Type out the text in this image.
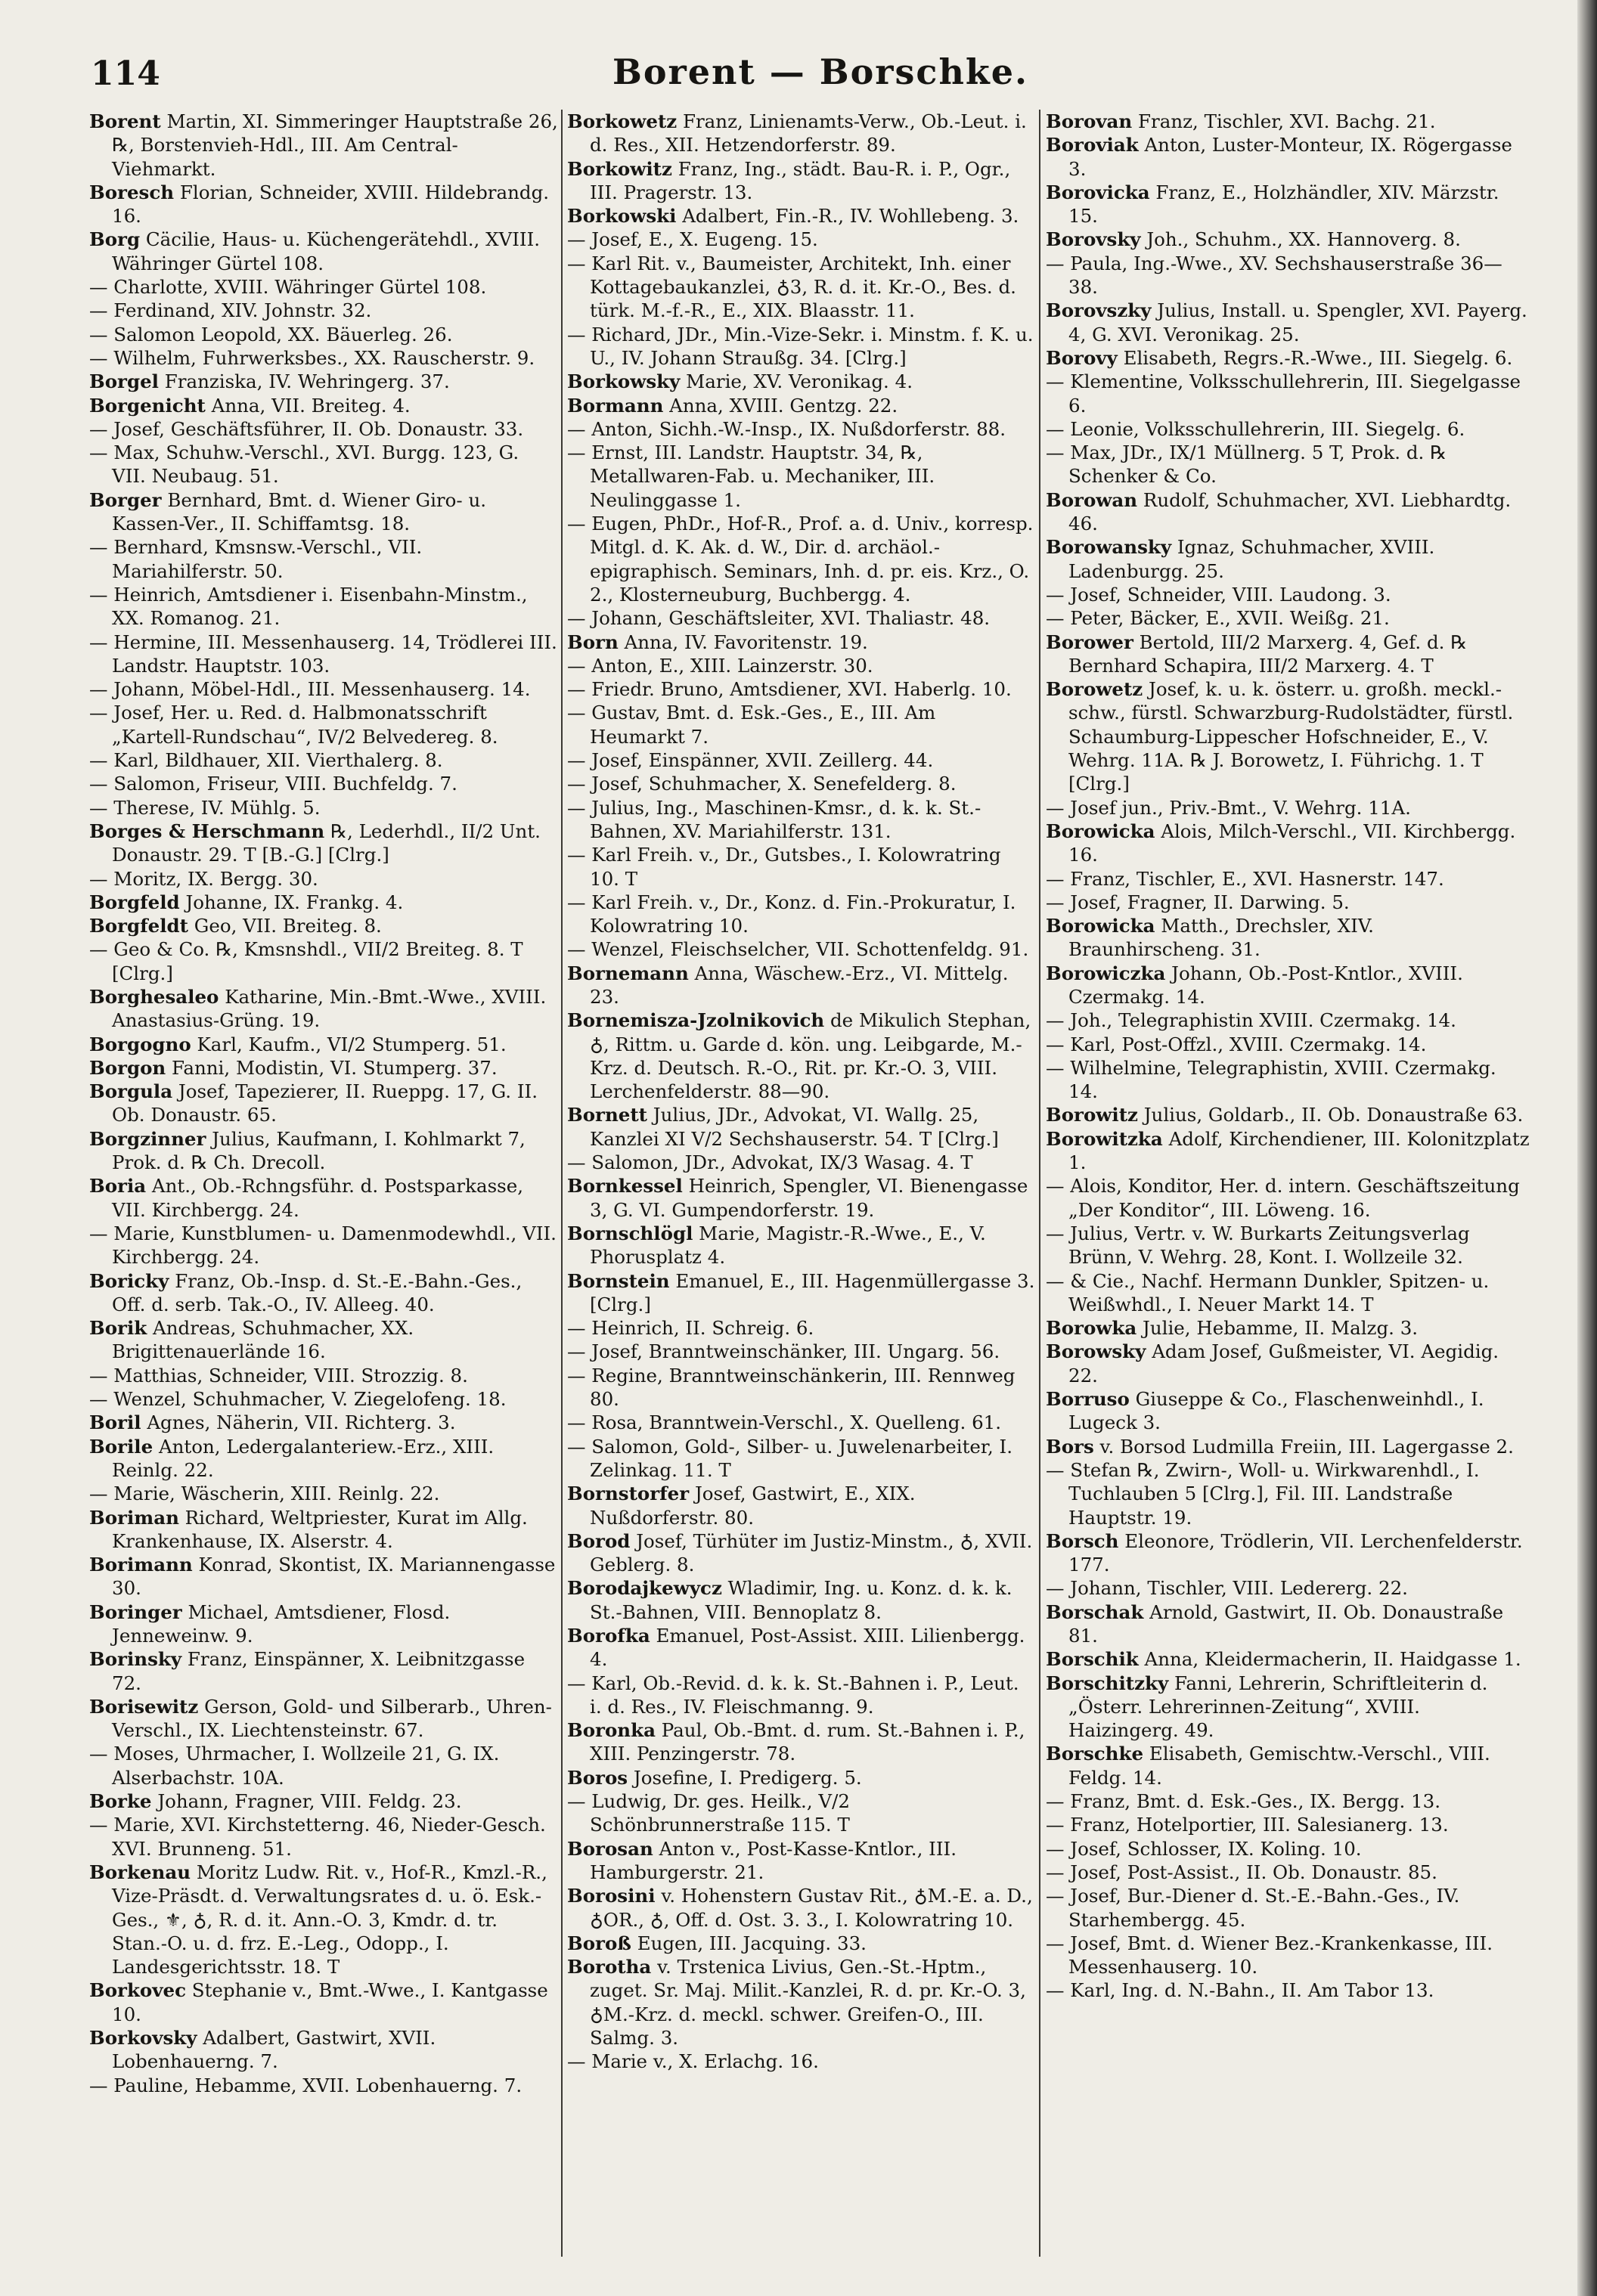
114	Borent — Borschke.

Borent Martin, XI. Simmeringer Hauptstraße 26, ℞, Borstenvieh-Hdl., III. Am Central-Viehmarkt.

Boresch Florian, Schneider, XVIII. Hildebrandg. 16.

Borg Cäcilie, Haus- u. Küchengerätehdl., XVIII. Währinger Gürtel 108.

— Charlotte, XVIII. Währinger Gürtel 108.

— Ferdinand, XIV. Johnstr. 32.

— Salomon Leopold, XX. Bäuerleg. 26.

— Wilhelm, Fuhrwerksbes., XX. Rauscherstr. 9.

Borgel Franziska, IV. Wehringerg. 37.

Borgenicht Anna, VII. Breiteg. 4.

— Josef, Geschäftsführer, II. Ob. Donaustr. 33.

— Max, Schuhw.-Verschl., XVI. Burgg. 123, G. VII. Neubaug. 51.

Borger Bernhard, Bmt. d. Wiener Giro- u. Kassen-Ver., II. Schiffamtsg. 18.

— Bernhard, Kmsnsw.-Verschl., VII. Mariahilferstr. 50.

— Heinrich, Amtsdiener i. Eisenbahn-Minstm., XX. Romanog. 21.

— Hermine, III. Messenhauserg. 14, Trödlerei III. Landstr. Hauptstr. 103.

— Johann, Möbel-Hdl., III. Messenhauserg. 14.

— Josef, Her. u. Red. d. Halbmonatsschrift „Kartell-Rundschau“, IV/2 Belvedereg. 8.

— Karl, Bildhauer, XII. Vierthalerg. 8.

— Salomon, Friseur, VIII. Buchfeldg. 7.

— Therese, IV. Mühlg. 5.

Borges & Herschmann ℞, Lederhdl., II/2 Unt. Donaustr. 29. T [B.-G.] [Clrg.]

— Moritz, IX. Bergg. 30.

Borgfeld Johanne, IX. Frankg. 4.

Borgfeldt Geo, VII. Breiteg. 8.

— Geo & Co. ℞, Kmsnshdl., VII/2 Breiteg. 8. T [Clrg.]

Borghesaleo Katharine, Min.-Bmt.-Wwe., XVIII. Anastasius-Grüng. 19.

Borgogno Karl, Kaufm., VI/2 Stumperg. 51.

Borgon Fanni, Modistin, VI. Stumperg. 37.

Borgula Josef, Tapezierer, II. Rueppg. 17, G. II. Ob. Donaustr. 65.

Borgzinner Julius, Kaufmann, I. Kohlmarkt 7, Prok. d. ℞ Ch. Drecoll.

Boria Ant., Ob.-Rchngsführ. d. Postsparkasse, VII. Kirchbergg. 24.

— Marie, Kunstblumen- u. Damenmodewhdl., VII. Kirchbergg. 24.

Boricky Franz, Ob.-Insp. d. St.-E.-Bahn.-Ges., Off. d. serb. Tak.-O., IV. Alleeg. 40.

Borik Andreas, Schuhmacher, XX. Brigittenauerlände 16.

— Matthias, Schneider, VIII. Strozzig. 8.

— Wenzel, Schuhmacher, V. Ziegelofeng. 18.

Boril Agnes, Näherin, VII. Richterg. 3.

Borile Anton, Ledergalanteriew.-Erz., XIII. Reinlg. 22.

— Marie, Wäscherin, XIII. Reinlg. 22.

Boriman Richard, Weltpriester, Kurat im Allg. Krankenhause, IX. Alserstr. 4.

Borimann Konrad, Skontist, IX. Mariannengasse 30.

Boringer Michael, Amtsdiener, Flosd. Jenneweinw. 9.

Borinsky Franz, Einspänner, X. Leibnitzgasse 72.

Borisewitz Gerson, Gold- und Silberarb., Uhren-Verschl., IX. Liechtensteinstr. 67.

— Moses, Uhrmacher, I. Wollzeile 21, G. IX. Alserbachstr. 10A.

Borke Johann, Fragner, VIII. Feldg. 23.

— Marie, XVI. Kirchstetterng. 46, Nieder-Gesch. XVI. Brunneng. 51.

Borkenau Moritz Ludw. Rit. v., Hof-R., Kmzl.-R., Vize-Präsdt. d. Verwaltungsrates d. u. ö. Esk.-Ges., ⚜, ♁, R. d. it. Ann.-O. 3, Kmdr. d. tr. Stan.-O. u. d. frz. E.-Leg., Odopp., I. Landesgerichtsstr. 18. T

Borkovec Stephanie v., Bmt.-Wwe., I. Kantgasse 10.

Borkovsky Adalbert, Gastwirt, XVII. Lobenhauerng. 7.

— Pauline, Hebamme, XVII. Lobenhauerng. 7.

Borkowetz Franz, Linienamts-Verw., Ob.-Leut. i. d. Res., XII. Hetzendorferstr. 89.

Borkowitz Franz, Ing., städt. Bau-R. i. P., Ogr., III. Pragerstr. 13.

Borkowski Adalbert, Fin.-R., IV. Wohllebeng. 3.

— Josef, E., X. Eugeng. 15.

— Karl Rit. v., Baumeister, Architekt, Inh. einer Kottagebaukanzlei, ♁3, R. d. it. Kr.-O., Bes. d. türk. M.-f.-R., E., XIX. Blaasstr. 11.

— Richard, JDr., Min.-Vize-Sekr. i. Minstm. f. K. u. U., IV. Johann Straußg. 34. [Clrg.]

Borkowsky Marie, XV. Veronikag. 4.

Bormann Anna, XVIII. Gentzg. 22.

— Anton, Sichh.-W.-Insp., IX. Nußdorferstr. 88.

— Ernst, III. Landstr. Hauptstr. 34, ℞, Metallwaren-Fab. u. Mechaniker, III. Neulinggasse 1.

— Eugen, PhDr., Hof-R., Prof. a. d. Univ., korresp. Mitgl. d. K. Ak. d. W., Dir. d. archäol.-epigraphisch. Seminars, Inh. d. pr. eis. Krz., O. 2., Klosterneuburg, Buchbergg. 4.

— Johann, Geschäftsleiter, XVI. Thaliastr. 48.

Born Anna, IV. Favoritenstr. 19.

— Anton, E., XIII. Lainzerstr. 30.

— Friedr. Bruno, Amtsdiener, XVI. Haberlg. 10.

— Gustav, Bmt. d. Esk.-Ges., E., III. Am Heumarkt 7.

— Josef, Einspänner, XVII. Zeillerg. 44.

— Josef, Schuhmacher, X. Senefelderg. 8.

— Julius, Ing., Maschinen-Kmsr., d. k. k. St.-Bahnen, XV. Mariahilferstr. 131.

— Karl Freih. v., Dr., Gutsbes., I. Kolowratring 10. T

— Karl Freih. v., Dr., Konz. d. Fin.-Prokuratur, I. Kolowratring 10.

— Wenzel, Fleischselcher, VII. Schottenfeldg. 91.

Bornemann Anna, Wäschew.-Erz., VI. Mittelg. 23.

Bornemisza-Jzolnikovich de Mikulich Stephan, ♁, Rittm. u. Garde d. kön. ung. Leibgarde, M.-Krz. d. Deutsch. R.-O., Rit. pr. Kr.-O. 3, VIII. Lerchenfelderstr. 88—90.

Bornett Julius, JDr., Advokat, VI. Wallg. 25, Kanzlei XI V/2 Sechshauserstr. 54. T [Clrg.]

— Salomon, JDr., Advokat, IX/3 Wasag. 4. T

Bornkessel Heinrich, Spengler, VI. Bienengasse 3, G. VI. Gumpendorferstr. 19.

Bornschlögl Marie, Magistr.-R.-Wwe., E., V. Phorusplatz 4.

Bornstein Emanuel, E., III. Hagenmüllergasse 3. [Clrg.]

— Heinrich, II. Schreig. 6.

— Josef, Branntweinschänker, III. Ungarg. 56.

— Regine, Branntweinschänkerin, III. Rennweg 80.

— Rosa, Branntwein-Verschl., X. Quelleng. 61.

— Salomon, Gold-, Silber- u. Juwelenarbeiter, I. Zelinkag. 11. T

Bornstorfer Josef, Gastwirt, E., XIX. Nußdorferstr. 80.

Borod Josef, Türhüter im Justiz-Minstm., ♁, XVII. Geblerg. 8.

Borodajkewycz Wladimir, Ing. u. Konz. d. k. k. St.-Bahnen, VIII. Bennoplatz 8.

Borofka Emanuel, Post-Assist. XIII. Lilienbergg. 4.

— Karl, Ob.-Revid. d. k. k. St.-Bahnen i. P., Leut. i. d. Res., IV. Fleischmanng. 9.

Boronka Paul, Ob.-Bmt. d. rum. St.-Bahnen i. P., XIII. Penzingerstr. 78.

Boros Josefine, I. Predigerg. 5.

— Ludwig, Dr. ges. Heilk., V/2 Schönbrunnerstraße 115. T

Borosan Anton v., Post-Kasse-Kntlor., III. Hamburgerstr. 21.

Borosini v. Hohenstern Gustav Rit., ♁M.-E. a. D., ♁OR., ♁, Off. d. Ost. 3. 3., I. Kolowratring 10.

Boroß Eugen, III. Jacquing. 33.

Borotha v. Trstenica Livius, Gen.-St.-Hptm., zuget. Sr. Maj. Milit.-Kanzlei, R. d. pr. Kr.-O. 3, ♁M.-Krz. d. meckl. schwer. Greifen-O., III. Salmg. 3.

— Marie v., X. Erlachg. 16.

Borovan Franz, Tischler, XVI. Bachg. 21.

Boroviak Anton, Luster-Monteur, IX. Rögergasse 3.

Borovicka Franz, E., Holzhändler, XIV. Märzstr. 15.

Borovsky Joh., Schuhm., XX. Hannoverg. 8.

— Paula, Ing.-Wwe., XV. Sechshauserstraße 36—38.

Borovszky Julius, Install. u. Spengler, XVI. Payerg. 4, G. XVI. Veronikag. 25.

Borovy Elisabeth, Regrs.-R.-Wwe., III. Siegelg. 6.

— Klementine, Volksschullehrerin, III. Siegelgasse 6.

— Leonie, Volksschullehrerin, III. Siegelg. 6.

— Max, JDr., IX/1 Müllnerg. 5 T, Prok. d. ℞ Schenker & Co.

Borowan Rudolf, Schuhmacher, XVI. Liebhardtg. 46.

Borowansky Ignaz, Schuhmacher, XVIII. Ladenburgg. 25.

— Josef, Schneider, VIII. Laudong. 3.

— Peter, Bäcker, E., XVII. Weißg. 21.

Borower Bertold, III/2 Marxerg. 4, Gef. d. ℞ Bernhard Schapira, III/2 Marxerg. 4. T

Borowetz Josef, k. u. k. österr. u. großh. meckl.-schw., fürstl. Schwarzburg-Rudolstädter, fürstl. Schaumburg-Lippescher Hofschneider, E., V. Wehrg. 11A. ℞ J. Borowetz, I. Führichg. 1. T [Clrg.]

— Josef jun., Priv.-Bmt., V. Wehrg. 11A.

Borowicka Alois, Milch-Verschl., VII. Kirchbergg. 16.

— Franz, Tischler, E., XVI. Hasnerstr. 147.

— Josef, Fragner, II. Darwing. 5.

Borowicka Matth., Drechsler, XIV. Braunhirscheng. 31.

Borowiczka Johann, Ob.-Post-Kntlor., XVIII. Czermakg. 14.

— Joh., Telegraphistin XVIII. Czermakg. 14.

— Karl, Post-Offzl., XVIII. Czermakg. 14.

— Wilhelmine, Telegraphistin, XVIII. Czermakg. 14.

Borowitz Julius, Goldarb., II. Ob. Donaustraße 63.

Borowitzka Adolf, Kirchendiener, III. Kolonitzplatz 1.

— Alois, Konditor, Her. d. intern. Geschäftszeitung „Der Konditor“, III. Löweng. 16.

— Julius, Vertr. v. W. Burkarts Zeitungsverlag Brünn, V. Wehrg. 28, Kont. I. Wollzeile 32.

— & Cie., Nachf. Hermann Dunkler, Spitzen- u. Weißwhdl., I. Neuer Markt 14. T

Borowka Julie, Hebamme, II. Malzg. 3.

Borowsky Adam Josef, Gußmeister, VI. Aegidig. 22.

Borruso Giuseppe & Co., Flaschenweinhdl., I. Lugeck 3.

Bors v. Borsod Ludmilla Freiin, III. Lagergasse 2.

— Stefan ℞, Zwirn-, Woll- u. Wirkwarenhdl., I. Tuchlauben 5 [Clrg.], Fil. III. Landstraße Hauptstr. 19.

Borsch Eleonore, Trödlerin, VII. Lerchenfelderstr. 177.

— Johann, Tischler, VIII. Ledererg. 22.

Borschak Arnold, Gastwirt, II. Ob. Donaustraße 81.

Borschik Anna, Kleidermacherin, II. Haidgasse 1.

Borschitzky Fanni, Lehrerin, Schriftleiterin d. „Österr. Lehrerinnen-Zeitung“, XVIII. Haizingerg. 49.

Borschke Elisabeth, Gemischtw.-Verschl., VIII. Feldg. 14.

— Franz, Bmt. d. Esk.-Ges., IX. Bergg. 13.

— Franz, Hotelportier, III. Salesianerg. 13.

— Josef, Schlosser, IX. Koling. 10.

— Josef, Post-Assist., II. Ob. Donaustr. 85.

— Josef, Bur.-Diener d. St.-E.-Bahn.-Ges., IV. Starhembergg. 45.

— Josef, Bmt. d. Wiener Bez.-Krankenkasse, III. Messenhauserg. 10.

— Karl, Ing. d. N.-Bahn., II. Am Tabor 13.
